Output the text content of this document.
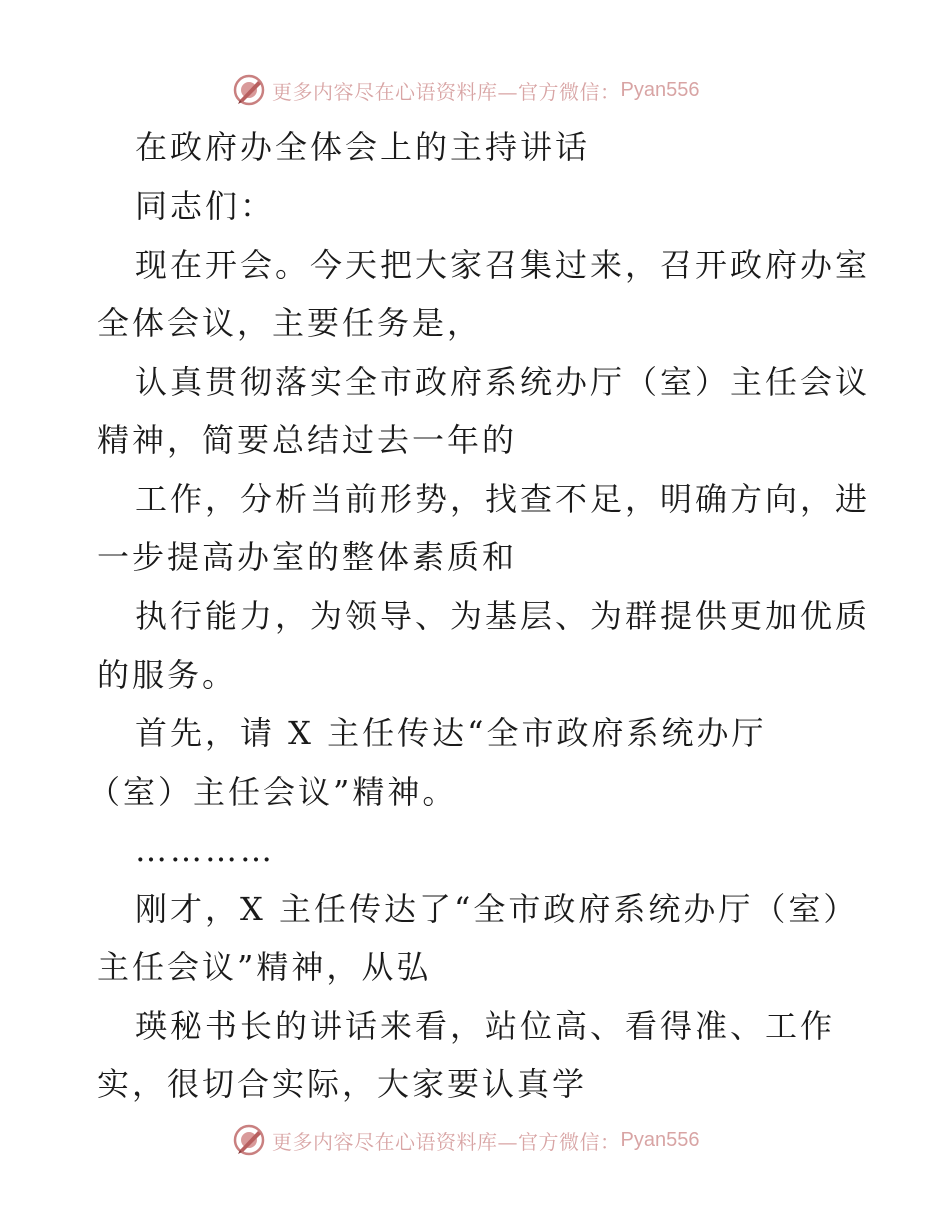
更多内容尽在心语资料库—官方微信： Pyan556
在政府办全体会上的主持讲话
同志们：
现在开会。今天把大家召集过来，召开政府办室
全体会议，主要任务是，
认真贯彻落实全市政府系统办厅（室）主任会议
精神，简要总结过去一年的
工作，分析当前形势，找查不足，明确方向，进
一步提高办室的整体素质和
执行能力，为领导、为基层、为群提供更加优质
的服务。
首先，请 X 主任传达“全市政府系统办厅
（室）主任会议”精神。
…………
刚才，X 主任传达了“全市政府系统办厅（室）
主任会议”精神，从弘
瑛秘书长的讲话来看，站位高、看得准、工作
实，很切合实际，大家要认真学
更多内容尽在心语资料库—官方微信： Pyan556
